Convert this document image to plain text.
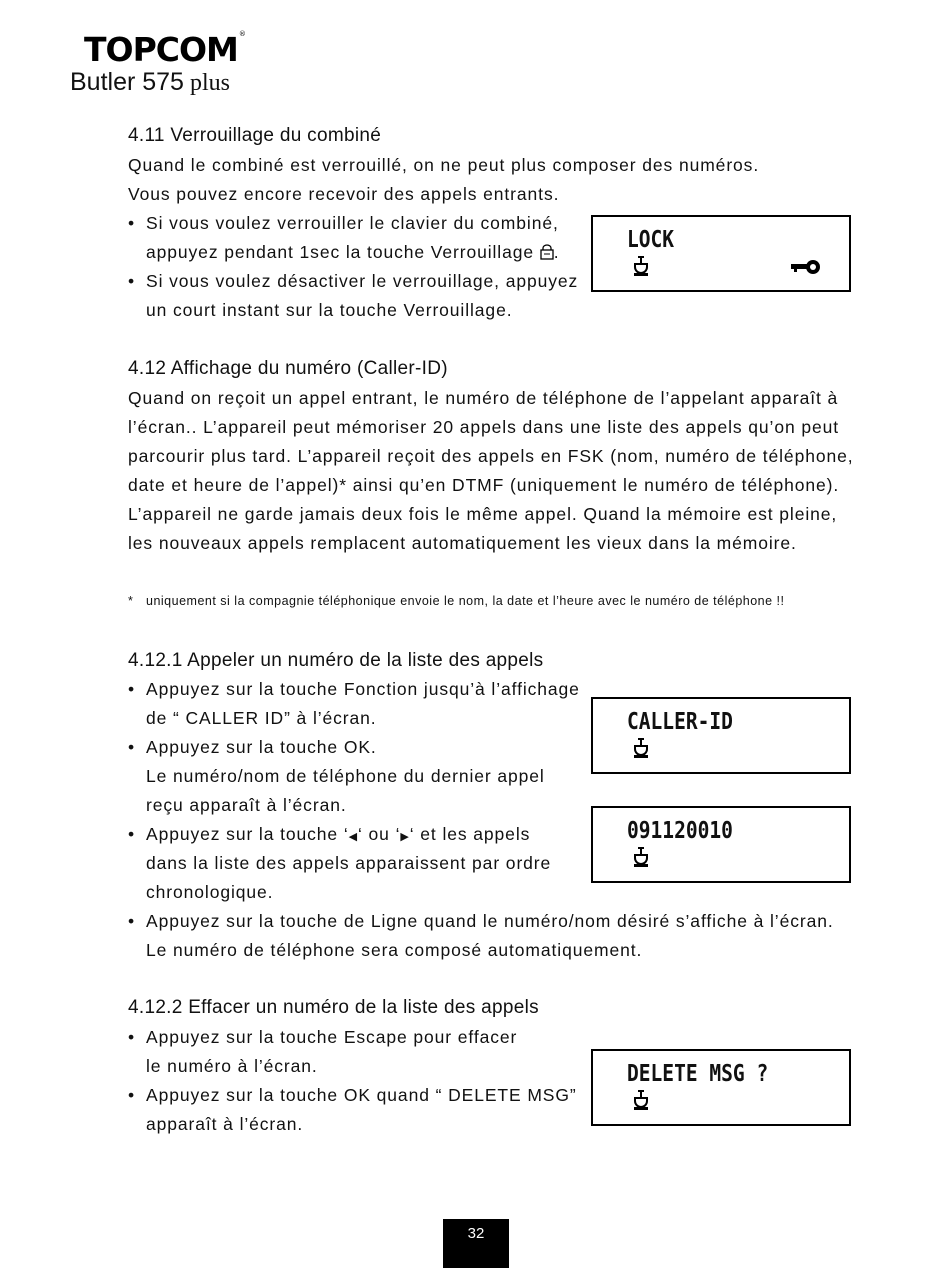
TOPCOM®
Butler 575 plus
4.11 Verrouillage du combiné
Quand le combiné est verrouillé, on ne peut plus composer des numéros.
Vous pouvez encore recevoir des appels entrants.
• Si vous voulez verrouiller le clavier du combiné,
appuyez pendant 1sec la touche Verrouillage .
• Si vous voulez désactiver le verrouillage, appuyez
un court instant sur la touche Verrouillage.
LOCK
4.12 Affichage du numéro (Caller-ID)
Quand on reçoit un appel entrant, le numéro de téléphone de l’appelant apparaît à
l’écran.. L’appareil peut mémoriser 20 appels dans une liste des appels qu’on peut
parcourir plus tard. L’appareil reçoit des appels en FSK (nom, numéro de téléphone,
date et heure de l’appel)* ainsi qu’en DTMF (uniquement le numéro de téléphone).
L’appareil ne garde jamais deux fois le même appel. Quand la mémoire est pleine,
les nouveaux appels remplacent automatiquement les vieux dans la mémoire.
* uniquement si la compagnie téléphonique envoie le nom, la date et l’heure avec le numéro de téléphone !!
4.12.1 Appeler un numéro de la liste des appels
• Appuyez sur la touche Fonction jusqu’à l’affichage
de “ CALLER ID” à l’écran.
• Appuyez sur la touche OK.
Le numéro/nom de téléphone du dernier appel
reçu apparaît à l’écran.
• Appuyez sur la touche ‘◀‘ ou ‘▶‘ et les appels
dans la liste des appels apparaissent par ordre
chronologique.
• Appuyez sur la touche de Ligne quand le numéro/nom désiré s’affiche à l’écran.
Le numéro de téléphone sera composé automatiquement.
CALLER-ID
091120010
4.12.2 Effacer un numéro de la liste des appels
• Appuyez sur la touche Escape pour effacer
le numéro à l’écran.
• Appuyez sur la touche OK quand “ DELETE MSG”
apparaît à l’écran.
DELETE MSG ?
32
